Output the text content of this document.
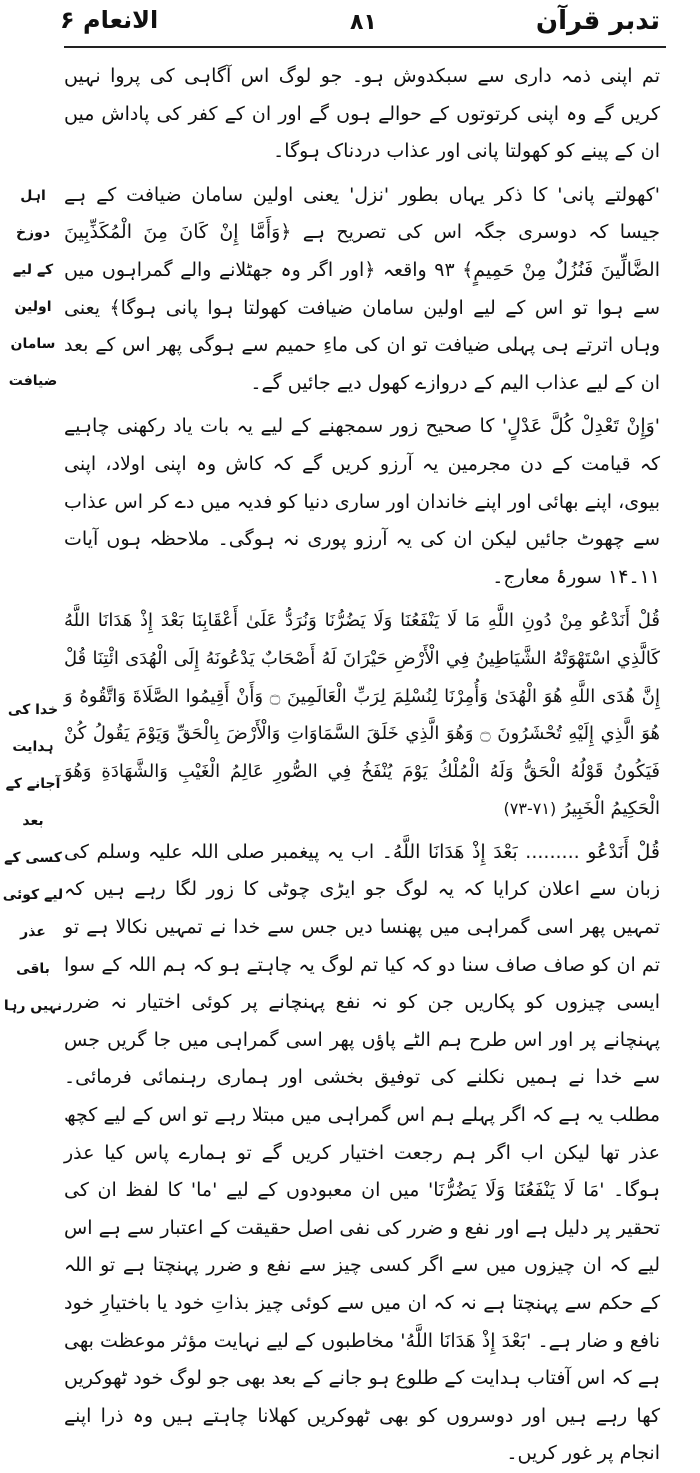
تدبر قرآن
۸۱
الانعام ۶
اہل دوزخ
کے لیے اولین
سامان ضیافت
خدا کی ہدایت
آجانے کے
بعد کسی کے
لیے کوئی عذر
باقی نہیں رہا

تم اپنی ذمہ داری سے سبکدوش ہو۔ جو لوگ اس آگاہی کی پروا نہیں کریں گے وہ اپنی کرتوتوں کے حوالے ہوں گے اور ان کے کفر کی پاداش میں ان کے پینے کو کھولتا پانی اور عذاب دردناک ہوگا۔

'کھولتے پانی' کا ذکر یہاں بطور 'نزل' یعنی اولین سامان ضیافت کے ہے جیسا کہ دوسری جگہ اس کی تصریح ہے ﴿وَأَمَّا إِنْ كَانَ مِنَ الْمُكَذِّبِينَ الضَّالِّينَ فَنُزُلٌ مِنْ حَمِيمٍ﴾ ۹۳ واقعہ ﴿اور اگر وہ جھٹلانے والے گمراہوں میں سے ہوا تو اس کے لیے اولین سامان ضیافت کھولتا ہوا پانی ہوگا﴾ یعنی وہاں اترتے ہی پہلی ضیافت تو ان کی ماءِ حمیم سے ہوگی پھر اس کے بعد ان کے لیے عذاب الیم کے دروازے کھول دیے جائیں گے۔

'وَإِنْ تَعْدِلْ كُلَّ عَدْلٍ' کا صحیح زور سمجھنے کے لیے یہ بات یاد رکھنی چاہیے کہ قیامت کے دن مجرمین یہ آرزو کریں گے کہ کاش وہ اپنی اولاد، اپنی بیوی، اپنے بھائی اور اپنے خاندان اور ساری دنیا کو فدیہ میں دے کر اس عذاب سے چھوٹ جائیں لیکن ان کی یہ آرزو پوری نہ ہوگی۔ ملاحظہ ہوں آیات ۱۱۔۱۴ سورۂ معارج۔

قُلْ أَنَدْعُو مِنْ دُونِ اللَّهِ مَا لَا يَنْفَعُنَا وَلَا يَضُرُّنَا وَنُرَدُّ عَلَىٰ أَعْقَابِنَا بَعْدَ إِذْ هَدَانَا اللَّهُ كَالَّذِي اسْتَهْوَتْهُ الشَّيَاطِينُ فِي الْأَرْضِ حَيْرَانَ لَهُ أَصْحَابٌ يَدْعُونَهُ إِلَى الْهُدَى ائْتِنَا قُلْ إِنَّ هُدَى اللَّهِ هُوَ الْهُدَىٰ وَأُمِرْنَا لِنُسْلِمَ لِرَبِّ الْعَالَمِينَ ۝ وَأَنْ أَقِيمُوا الصَّلَاةَ وَاتَّقُوهُ وَ هُوَ الَّذِي إِلَيْهِ تُحْشَرُونَ ۝ وَهُوَ الَّذِي خَلَقَ السَّمَاوَاتِ وَالْأَرْضَ بِالْحَقِّ وَيَوْمَ يَقُولُ كُنْ فَيَكُونُ قَوْلُهُ الْحَقُّ وَلَهُ الْمُلْكُ يَوْمَ يُنْفَخُ فِي الصُّورِ عَالِمُ الْغَيْبِ وَالشَّهَادَةِ وَهُوَ الْحَكِيمُ الْخَبِيرُ (۷۱-۷۳)

قُلْ أَنَدْعُو ......... بَعْدَ إِذْ هَدَانَا اللَّهُ۔ اب یہ پیغمبر صلی اللہ علیہ وسلم کی زبان سے اعلان کرایا کہ یہ لوگ جو ایڑی چوٹی کا زور لگا رہے ہیں کہ تمہیں پھر اسی گمراہی میں پھنسا دیں جس سے خدا نے تمہیں نکالا ہے تو تم ان کو صاف صاف سنا دو کہ کیا تم لوگ یہ چاہتے ہو کہ ہم اللہ کے سوا ایسی چیزوں کو پکاریں جن کو نہ نفع پہنچانے پر کوئی اختیار نہ ضرر پہنچانے پر اور اس طرح ہم الٹے پاؤں پھر اسی گمراہی میں جا گریں جس سے خدا نے ہمیں نکلنے کی توفیق بخشی اور ہماری رہنمائی فرمائی۔ مطلب یہ ہے کہ اگر پہلے ہم اس گمراہی میں مبتلا رہے تو اس کے لیے کچھ عذر تھا لیکن اب اگر ہم رجعت اختیار کریں گے تو ہمارے پاس کیا عذر ہوگا۔ 'مَا لَا يَنْفَعُنَا وَلَا يَضُرُّنَا' میں ان معبودوں کے لیے 'ما' کا لفظ ان کی تحقیر پر دلیل ہے اور نفع و ضرر کی نفی اصل حقیقت کے اعتبار سے ہے اس لیے کہ ان چیزوں میں سے اگر کسی چیز سے نفع و ضرر پہنچتا ہے تو اللہ کے حکم سے پہنچتا ہے نہ کہ ان میں سے کوئی چیز بذاتِ خود یا باختیارِ خود نافع و ضار ہے۔ 'بَعْدَ إِذْ هَدَانَا اللَّهُ' مخاطبوں کے لیے نہایت مؤثر موعظت بھی ہے کہ اس آفتاب ہدایت کے طلوع ہو جانے کے بعد بھی جو لوگ خود ٹھوکریں کھا رہے ہیں اور دوسروں کو بھی ٹھوکریں کھلانا چاہتے ہیں وہ ذرا اپنے انجام پر غور کریں۔
